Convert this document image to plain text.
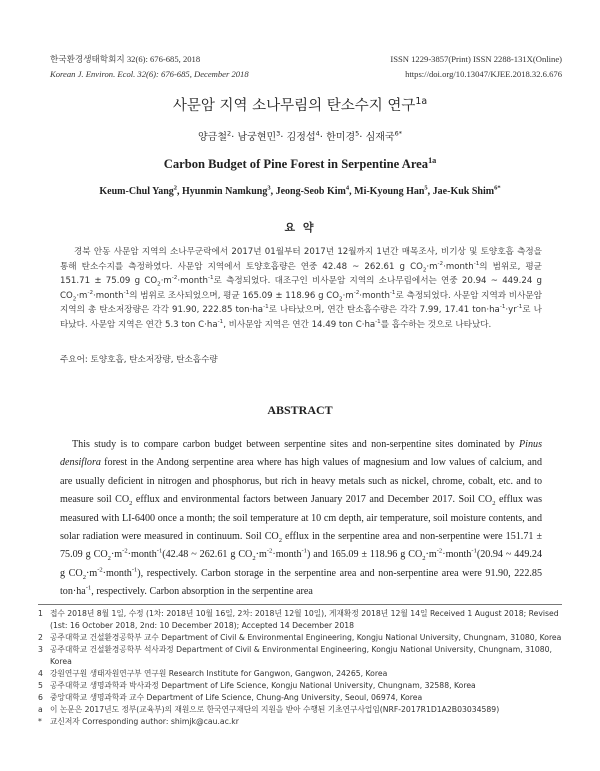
한국환경생태학회지 32(6): 676-685, 2018
Korean J. Environ. Ecol. 32(6): 676-685, December 2018
ISSN 1229-3857(Print) ISSN 2288-131X(Online)
https://doi.org/10.13047/KJEE.2018.32.6.676
사문암 지역 소나무림의 탄소수지 연구$^{1a}$
양금철$^2$· 남궁현민$^3$· 김정섭$^4$· 한미경$^5$· 심재국$^{6*}$
Carbon Budget of Pine Forest in Serpentine Area$^{1a}$
Keum-Chul Yang$^2$, Hyunmin Namkung$^3$, Jeong-Seob Kim$^4$, Mi-Kyoung Han$^5$, Jae-Kuk Shim$^{6*}$
요 약
경북 안동 사문암 지역의 소나무군락에서 2017년 01월부터 2017년 12월까지 1년간 매목조사, 비기상 및 토양호흡 측정을 통해 탄소수지를 측정하였다. 사문암 지역에서 토양호흡량은 연중 42.48 ~ 262.61 g $CO_2\cdot m^{-2}\cdot month^{-1}$의 범위로, 평균 151.71 ± 75.09 g $CO_2\cdot m^{-2}\cdot month^{-1}$로 측정되었다. 대조구인 비사문암 지역의 소나무림에서는 연중 20.94 ~ 449.24 g $CO_2\cdot m^{-2}\cdot month^{-1}$의 범위로 조사되었으며, 평균 165.09 ± 118.96 g $CO_2\cdot m^{-2}\cdot month^{-1}$로 측정되었다. 사문암 지역과 비사문암 지역의 총 탄소저장량은 각각 91.90, 222.85 $ton\cdot ha^{-1}$로 나타났으며, 연간 탄소흡수량은 각각 7.99, 17.41 $ton\cdot ha^{-1}\cdot yr^{-1}$로 나타났다. 사문암 지역은 연간 5.3 ton $C\cdot ha^{-1}$, 비사문암 지역은 연간 14.49 ton $C\cdot ha^{-1}$를 흡수하는 것으로 나타났다.
주요어: 토양호흡, 탄소저장량, 탄소흡수량
ABSTRACT
This study is to compare carbon budget between serpentine sites and non-serpentine sites dominated by Pinus densiflora forest in the Andong serpentine area where has high values of magnesium and low values of calcium, and are usually deficient in nitrogen and phosphorus, but rich in heavy metals such as nickel, chrome, cobalt, etc. and to measure soil $CO_2$ efflux and environmental factors between January 2017 and December 2017. Soil $CO_2$ efflux was measured with LI-6400 once a month; the soil temperature at 10 cm depth, air temperature, soil moisture contents, and solar radiation were measured in continuum. Soil $CO_2$ efflux in the serpentine area and non-serpentine were 151.71 ± 75.09 g $CO_2\cdot m^{-2}\cdot month^{-1}(42.48$ ~ 262.61 g $CO_2\cdot m^{-2}\cdot month^{-1}$) and 165.09 ± 118.96 g $CO_2\cdot m^{-2}\cdot month^{-1}(20.94$ ~ 449.24 g $CO_2\cdot m^{-2}\cdot month^{-1}$), respectively. Carbon storage in the serpentine area and non-serpentine area were 91.90, 222.85 $ton\cdot ha^{-1}$, respectively. Carbon absorption in the serpentine area
1 접수 2018년 8월 1일, 수정 (1차: 2018년 10월 16일, 2차: 2018년 12월 10일), 게재확정 2018년 12월 14일 Received 1 August 2018; Revised (1st: 16 October 2018, 2nd: 10 December 2018); Accepted 14 December 2018
2 공주대학교 건설환경공학부 교수 Department of Civil & Environmental Engineering, Kongju National University, Chungnam, 31080, Korea
3 공주대학교 건설환경공학부 석사과정 Department of Civil & Environmental Engineering, Kongju National University, Chungnam, 31080, Korea
4 강원연구원 생태자원연구부 연구원 Research Institute for Gangwon, Gangwon, 24265, Korea
5 공주대학교 생명과학과 박사과정 Department of Life Science, Kongju National University, Chungnam, 32588, Korea
6 중앙대학교 생명과학과 교수 Department of Life Science, Chung-Ang University, Seoul, 06974, Korea
a 이 논문은 2017년도 정부(교육부)의 재원으로 한국연구재단의 지원을 받아 수행된 기초연구사업임(NRF-2017R1D1A2B03034589)
* 교신저자 Corresponding author: shimjk@cau.ac.kr
